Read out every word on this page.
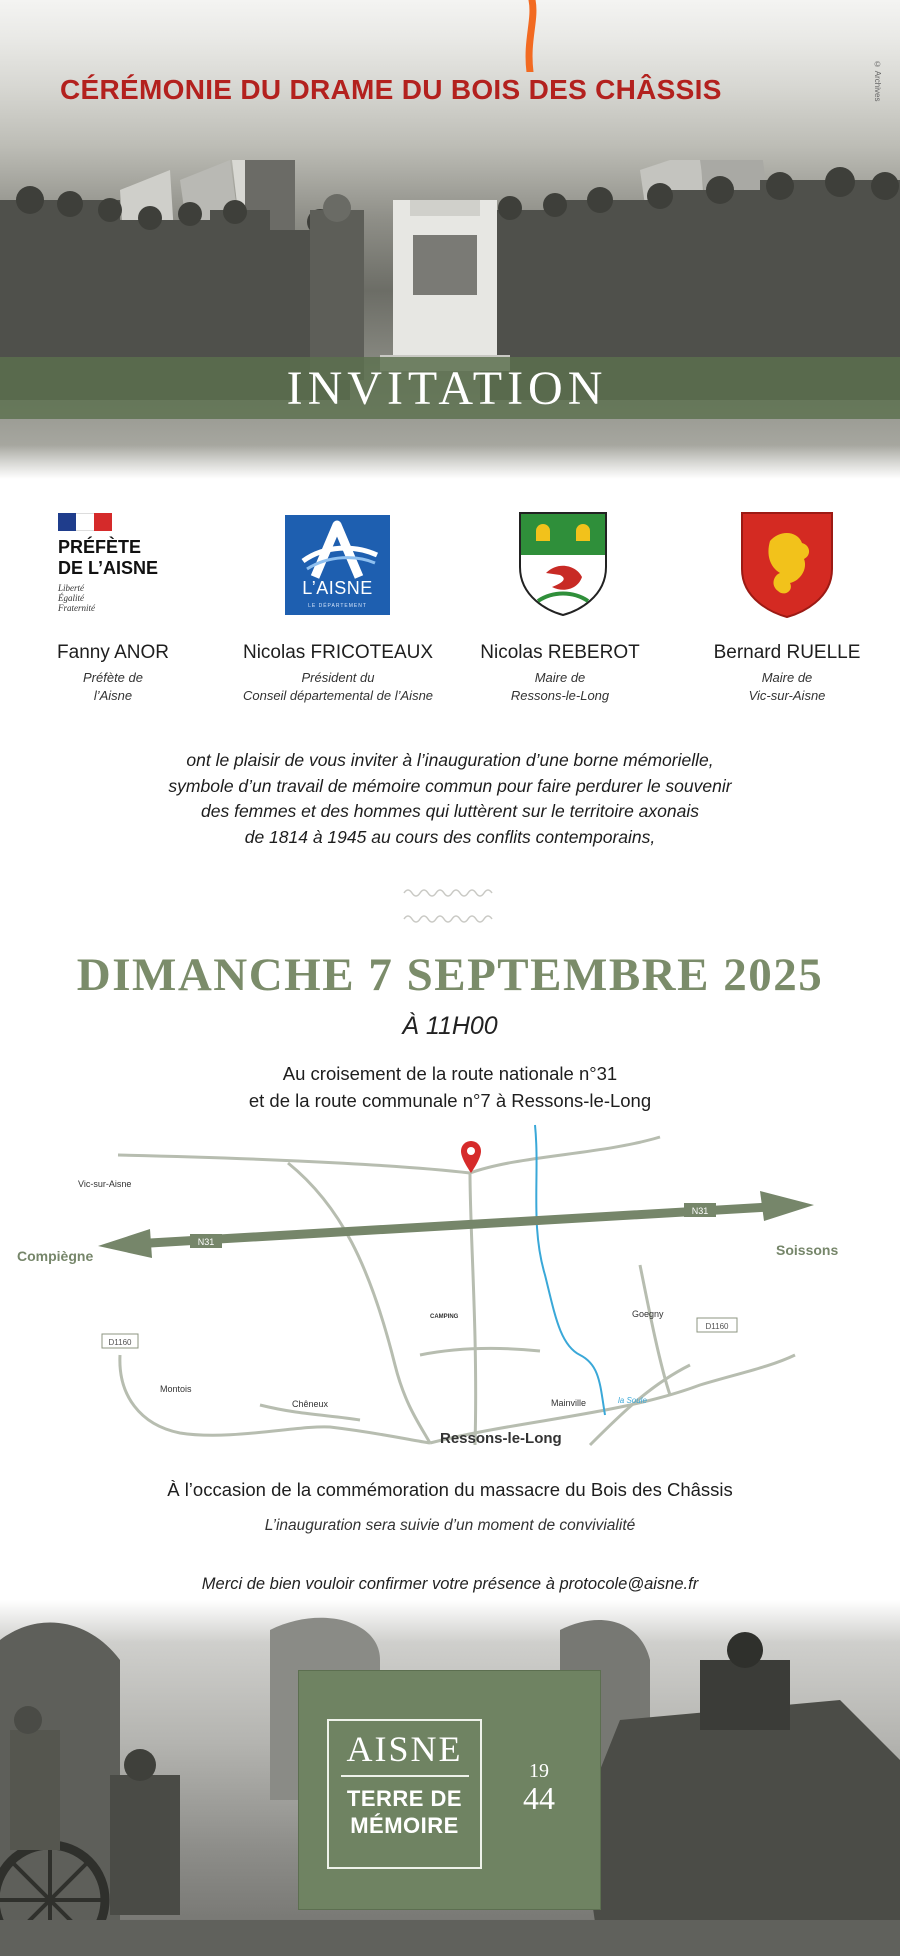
CÉRÉMONIE DU DRAME DU BOIS DES CHÂSSIS	© Archives
INVITATION
PRÉFÈTE
DE L’AISNE
Liberté
Égalité
Fraternité
L’AISNE
LE DÉPARTEMENT
Fanny ANOR
Préfète de
l’Aisne
Nicolas FRICOTEAUX
Président du
Conseil départemental de l’Aisne
Nicolas REBEROT
Maire de
Ressons-le-Long
Bernard RUELLE
Maire de
Vic-sur-Aisne
ont le plaisir de vous inviter à l’inauguration d’une borne mémorielle,
symbole d’un travail de mémoire commun pour faire perdurer le souvenir
des femmes et des hommes qui luttèrent sur le territoire axonais
de 1814 à 1945 au cours des conflits contemporains,
DIMANCHE 7 SEPTEMBRE 2025
À 11H00
Au croisement de la route nationale n°31
et de la route communale n°7 à Ressons-le-Long
N31
N31
D1160
D1160
Vic-sur-Aisne
Compiègne	Soissons
CAMPING	Goegny
Montois
Chêneux	Mainville	la Soule
Ressons-le-Long
À l’occasion de la commémoration du massacre du Bois des Châssis
L’inauguration sera suivie d’un moment de convivialité
Merci de bien vouloir confirmer votre présence à protocole@aisne.fr
AISNE
TERRE DE
MÉMOIRE
19
44
